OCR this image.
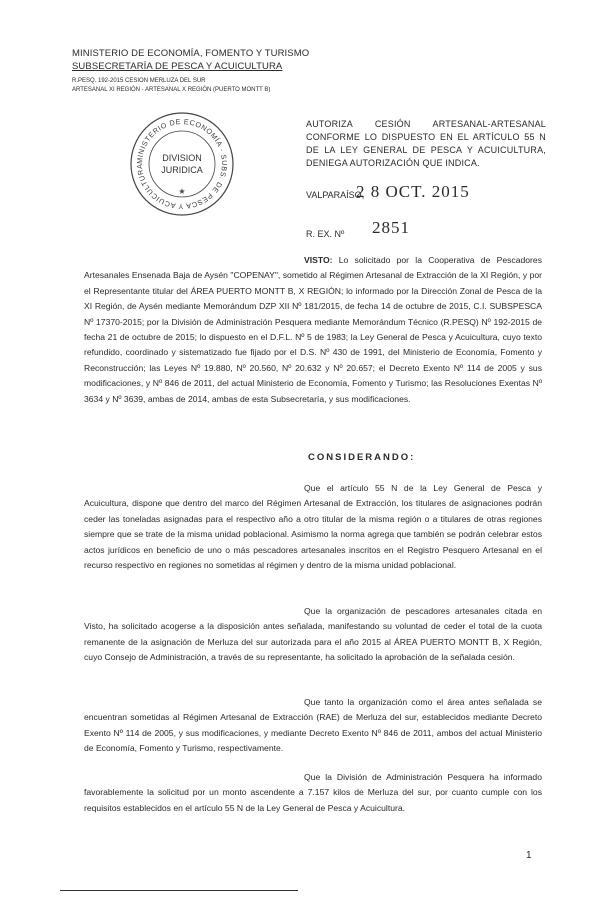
MINISTERIO DE ECONOMÍA, FOMENTO Y TURISMO
SUBSECRETARÍA DE PESCA Y ACUICULTURA
R.PESQ. 192-2015 CESION MERLUZA DEL SUR
ARTESANAL XI REGIÓN - ARTESANAL X REGIÓN (PUERTO MONTT B)
MINISTERIO DE ECONOMÍA · SUBS. DE PESCA Y ACUICULTURA
DIVISION
JURIDICA
★
AUTORIZA CESIÓN ARTESANAL-ARTESANAL CONFORME LO DISPUESTO EN EL ARTÍCULO 55 N DE LA LEY GENERAL DE PESCA Y ACUICULTURA, DENIEGA AUTORIZACIÓN QUE INDICA.
VALPARAÍSO,
2 8 OCT. 2015
R. EX. Nº 2851
VISTO: Lo solicitado por la Cooperativa de Pescadores Artesanales Ensenada Baja de Aysén "COPENAY", sometido al Régimen Artesanal de Extracción de la XI Región, y por el Representante titular del ÁREA PUERTO MONTT B, X REGIÓN; lo informado por la Dirección Zonal de Pesca de la XI Región, de Aysén mediante Memorándum DZP XII Nº 181/2015, de fecha 14 de octubre de 2015, C.I. SUBSPESCA Nº 17370-2015; por la División de Administración Pesquera mediante Memorándum Técnico (R.PESQ) Nº 192-2015 de fecha 21 de octubre de 2015; lo dispuesto en el D.F.L. Nº 5 de 1983; la Ley General de Pesca y Acuicultura, cuyo texto refundido, coordinado y sistematizado fue fijado por el D.S. Nº 430 de 1991, del Ministerio de Economía, Fomento y Reconstrucción; las Leyes Nº 19.880, Nº 20.560, Nº 20.632 y Nº 20.657; el Decreto Exento Nº 114 de 2005 y sus modificaciones, y Nº 846 de 2011, del actual Ministerio de Economía, Fomento y Turismo; las Resoluciones Exentas Nº 3634 y Nº 3639, ambas de 2014, ambas de esta Subsecretaría, y sus modificaciones.
CONSIDERANDO:
Que el artículo 55 N de la Ley General de Pesca y Acuicultura, dispone que dentro del marco del Régimen Artesanal de Extracción, los titulares de asignaciones podrán ceder las toneladas asignadas para el respectivo año a otro titular de la misma región o a titulares de otras regiones siempre que se trate de la misma unidad poblacional. Asimismo la norma agrega que también se podrán celebrar estos actos jurídicos en beneficio de uno o más pescadores artesanales inscritos en el Registro Pesquero Artesanal en el recurso respectivo en regiones no sometidas al régimen y dentro de la misma unidad poblacional.
Que la organización de pescadores artesanales citada en Visto, ha solicitado acogerse a la disposición antes señalada, manifestando su voluntad de ceder el total de la cuota remanente de la asignación de Merluza del sur autorizada para el año 2015 al ÁREA PUERTO MONTT B, X Región, cuyo Consejo de Administración, a través de su representante, ha solicitado la aprobación de la señalada cesión.
Que tanto la organización como el área antes señalada se encuentran sometidas al Régimen Artesanal de Extracción (RAE) de Merluza del sur, establecidos mediante Decreto Exento Nº 114 de 2005, y sus modificaciones, y mediante Decreto Exento Nº 846 de 2011, ambos del actual Ministerio de Economía, Fomento y Turismo, respectivamente.
Que la División de Administración Pesquera ha informado favorablemente la solicitud por un monto ascendente a 7.157 kilos de Merluza del sur, por cuanto cumple con los requisitos establecidos en el artículo 55 N de la Ley General de Pesca y Acuicultura.
1
